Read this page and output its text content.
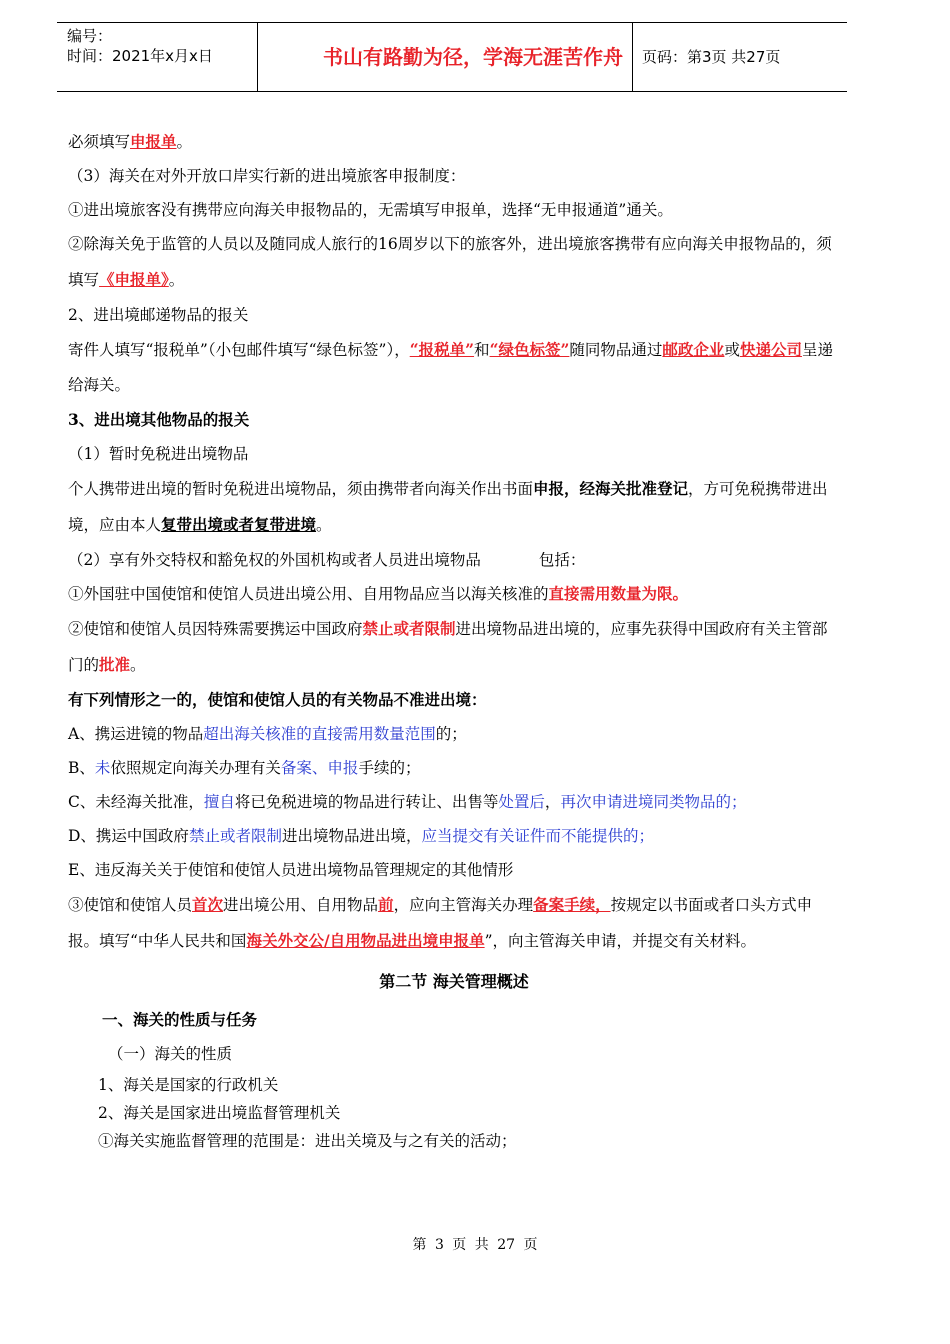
编号：
时间：2021年x月x日	书山有路勤为径，学海无涯苦作舟	页码：第3页 共27页

必须填写申报单。

（3）海关在对外开放口岸实行新的进出境旅客申报制度：

①进出境旅客没有携带应向海关申报物品的，无需填写申报单，选择“无申报通道”通关。

②除海关免于监管的人员以及随同成人旅行的16周岁以下的旅客外，进出境旅客携带有应向海关申报物品的，须填写《申报单》。

2、进出境邮递物品的报关

寄件人填写“报税单”（小包邮件填写“绿色标签”），“报税单”和“绿色标签”随同物品通过邮政企业或快递公司呈递给海关。

3、进出境其他物品的报关

（1）暂时免税进出境物品

个人携带进出境的暂时免税进出境物品，须由携带者向海关作出书面申报，经海关批准登记，方可免税携带进出境，应由本人复带出境或者复带进境。

（2）享有外交特权和豁免权的外国机构或者人员进出境物品	包括：

①外国驻中国使馆和使馆人员进出境公用、自用物品应当以海关核准的直接需用数量为限。

②使馆和使馆人员因特殊需要携运中国政府禁止或者限制进出境物品进出境的，应事先获得中国政府有关主管部门的批准。

有下列情形之一的，使馆和使馆人员的有关物品不准进出境：

A、携运进镜的物品超出海关核准的直接需用数量范围的；

B、未依照规定向海关办理有关备案、申报手续的；

C、未经海关批准，擅自将已免税进境的物品进行转让、出售等处置后，再次申请进境同类物品的；

D、携运中国政府禁止或者限制进出境物品进出境，应当提交有关证件而不能提供的；

E、违反海关关于使馆和使馆人员进出境物品管理规定的其他情形

③使馆和使馆人员首次进出境公用、自用物品前，应向主管海关办理备案手续，按规定以书面或者口头方式申报。填写“中华人民共和国海关外交公/自用物品进出境申报单”，向主管海关申请，并提交有关材料。

第二节 海关管理概述

一、海关的性质与任务

（一）海关的性质

1、海关是国家的行政机关

2、海关是国家进出境监督管理机关

①海关实施监督管理的范围是：进出关境及与之有关的活动；

第 3 页 共 27 页
